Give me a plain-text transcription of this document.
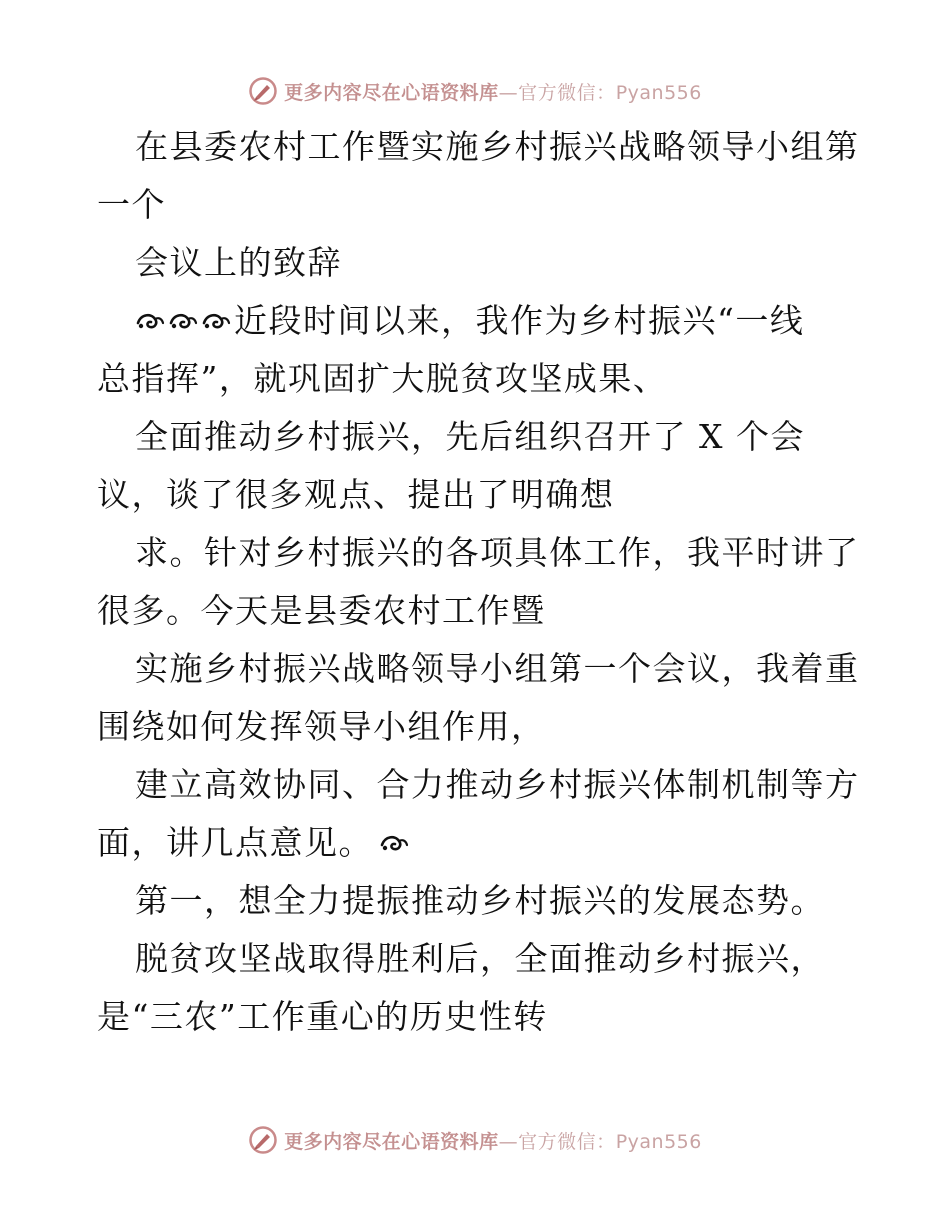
更多内容尽在心语资料库—官方微信：Pyan556
在县委农村工作暨实施乡村振兴战略领导小组第
一个
会议上的致辞
近段时间以来，我作为乡村振兴“一线
总指挥”，就巩固扩大脱贫攻坚成果、
全面推动乡村振兴，先后组织召开了 X 个会
议，谈了很多观点、提出了明确想
求。针对乡村振兴的各项具体工作，我平时讲了
很多。今天是县委农村工作暨
实施乡村振兴战略领导小组第一个会议，我着重
围绕如何发挥领导小组作用，
建立高效协同、合力推动乡村振兴体制机制等方
面，讲几点意见。
第一，想全力提振推动乡村振兴的发展态势。
脱贫攻坚战取得胜利后，全面推动乡村振兴，
是“三农”工作重心的历史性转
更多内容尽在心语资料库—官方微信：Pyan556
